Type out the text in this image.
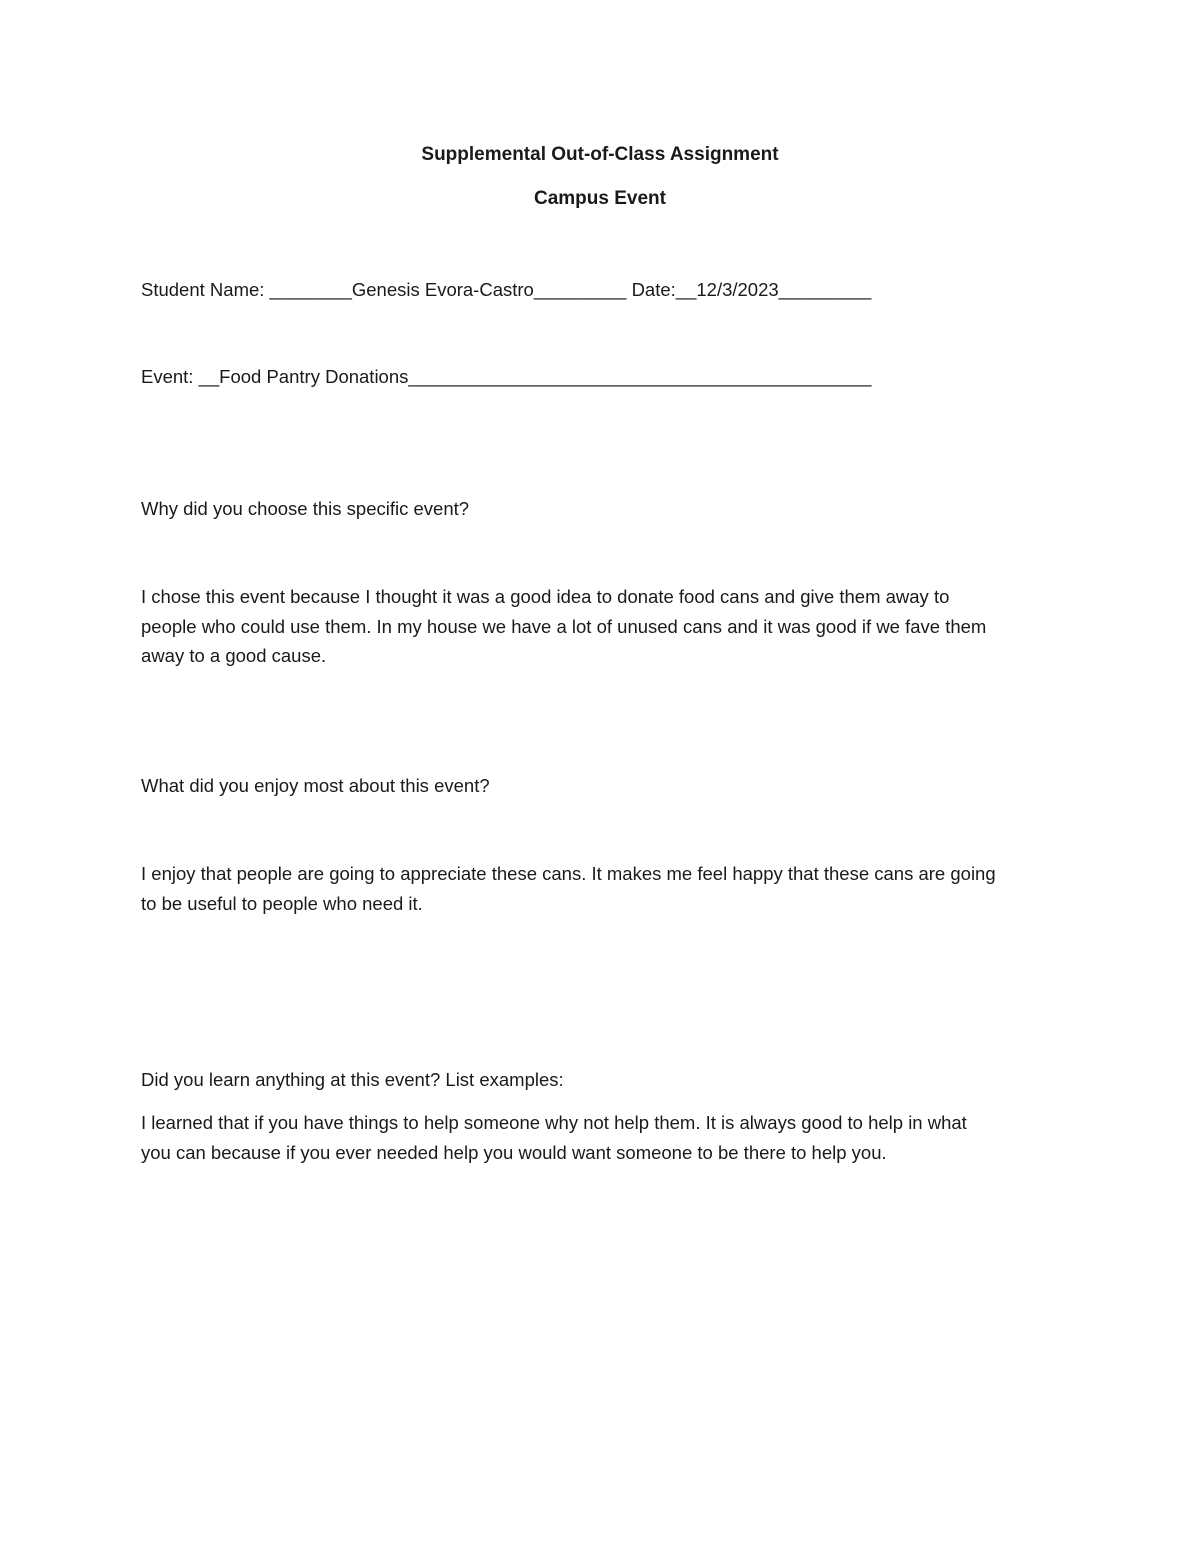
Supplemental Out-of-Class Assignment
Campus Event
Student Name: ________Genesis Evora-Castro_________ Date:__12/3/2023_________
Event: __Food Pantry Donations_____________________________________________
Why did you choose this specific event?
I chose this event because I thought it was a good idea to donate food cans and give them away to
people who could use them. In my house we have a lot of unused cans and it was good if we fave them
away to a good cause.
What did you enjoy most about this event?
I enjoy that people are going to appreciate these cans. It makes me feel happy that these cans are going
to be useful to people who need it.
Did you learn anything at this event? List examples:
I learned that if you have things to help someone why not help them. It is always good to help in what
you can because if you ever needed help you would want someone to be there to help you.
